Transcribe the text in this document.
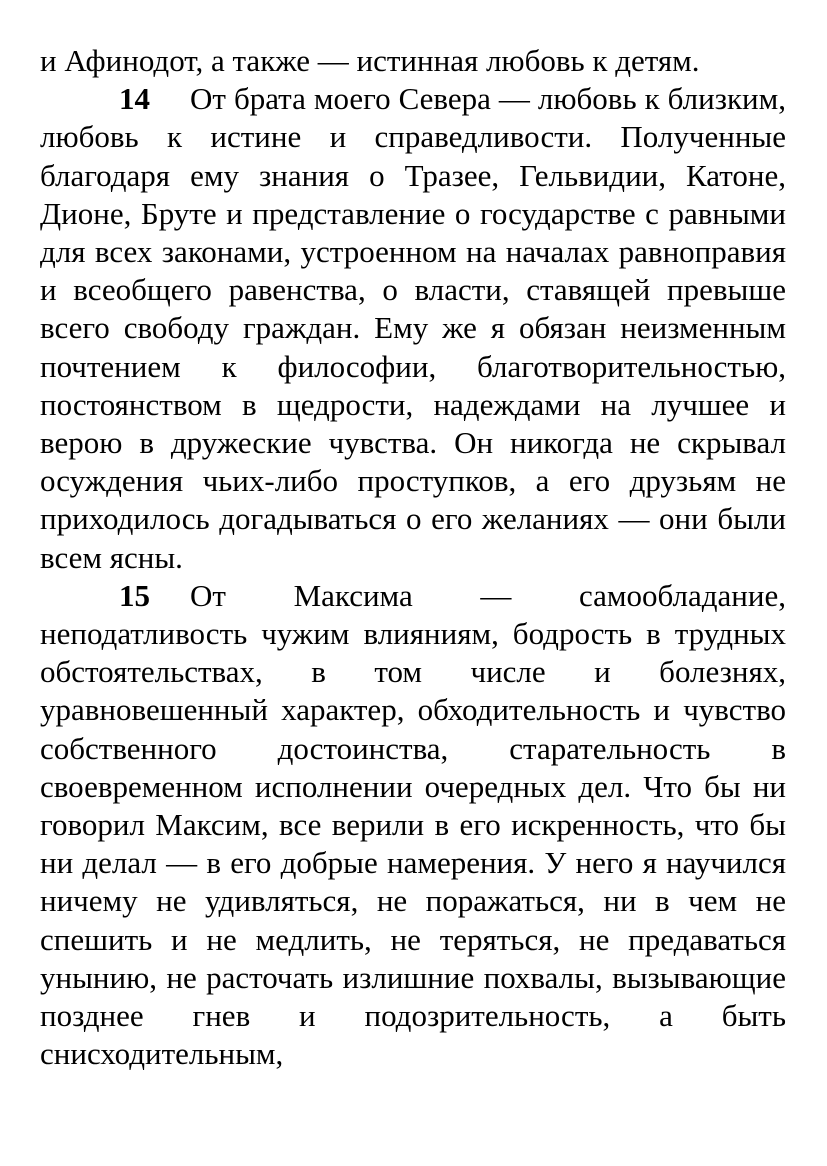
и Афинодот, а также — истинная любовь к детям.

14 От брата моего Севера — любовь к близким, любовь к истине и справедливости. Полученные благодаря ему знания о Тразее, Гельвидии, Катоне, Дионе, Бруте и представление о государстве с равными для всех законами, устроенном на началах равноправия и всеобщего равенства, о власти, ставящей превыше всего свободу граждан. Ему же я обязан неизменным почтением к философии, благотворительностью, постоянством в щедрости, надеждами на лучшее и верою в дружеские чувства. Он никогда не скрывал осуждения чьих-либо проступков, а его друзьям не приходилось догадываться о его желаниях — они были всем ясны.

15 От Максима — самообладание, неподатливость чужим влияниям, бодрость в трудных обстоятельствах, в том числе и болезнях, уравновешенный характер, обходительность и чувство собственного достоинства, старательность в своевременном исполнении очередных дел. Что бы ни говорил Максим, все верили в его искренность, что бы ни делал — в его добрые намерения. У него я научился ничему не удивляться, не поражаться, ни в чем не спешить и не медлить, не теряться, не предаваться унынию, не расточать излишние похвалы, вызывающие позднее гнев и подозрительность, а быть снисходительным,
